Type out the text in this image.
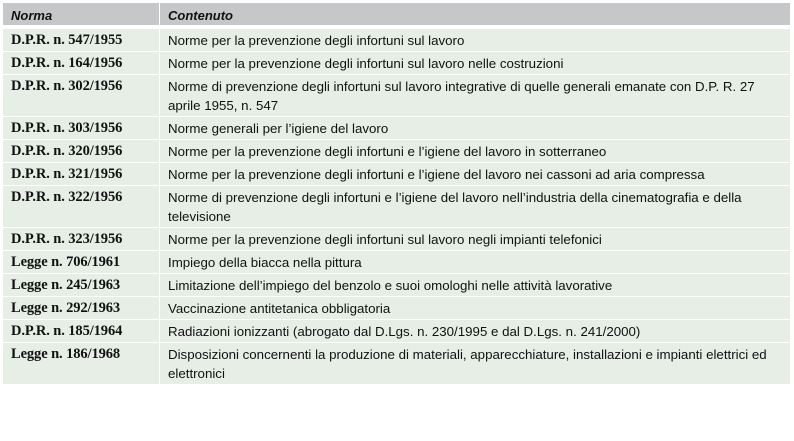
Norma	Contenuto
D.P.R. n. 547/1955	Norme per la prevenzione degli infortuni sul lavoro
D.P.R. n. 164/1956	Norme per la prevenzione degli infortuni sul lavoro nelle costruzioni
D.P.R. n. 302/1956	Norme di prevenzione degli infortuni sul lavoro integrative di quelle generali emanate con D.P. R. 27 aprile 1955, n. 547
D.P.R. n. 303/1956	Norme generali per l’igiene del lavoro
D.P.R. n. 320/1956	Norme per la prevenzione degli infortuni e l’igiene del lavoro in sotterraneo
D.P.R. n. 321/1956	Norme per la prevenzione degli infortuni e l’igiene del lavoro nei cassoni ad aria compressa
D.P.R. n. 322/1956	Norme di prevenzione degli infortuni e l’igiene del lavoro nell’industria della cinematografia e della televisione
D.P.R. n. 323/1956	Norme per la prevenzione degli infortuni sul lavoro negli impianti telefonici
Legge n. 706/1961	Impiego della biacca nella pittura
Legge n. 245/1963	Limitazione dell’impiego del benzolo e suoi omologhi nelle attività lavorative
Legge n. 292/1963	Vaccinazione antitetanica obbligatoria
D.P.R. n. 185/1964	Radiazioni ionizzanti (abrogato dal D.Lgs. n. 230/1995 e dal D.Lgs. n. 241/2000)
Legge n. 186/1968	Disposizioni concernenti la produzione di materiali, apparecchiature, installazioni e impianti elettrici ed elettronici
